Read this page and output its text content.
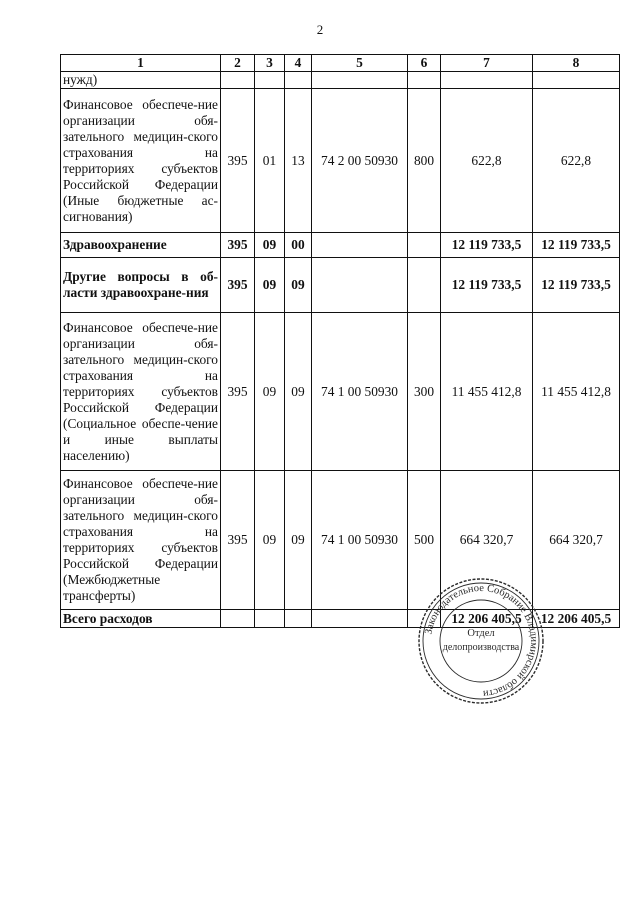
2
1	2	3	4	5	6	7	8
нужд)							
Финансовое обеспече-ние организации обя-зательного медицин-ского страхования на территориях субъектов Российской Федерации (Иные бюджетные ас-сигнования)	395	01	13	74 2 00 50930	800	622,8	622,8
Здравоохранение	395	09	00			12 119 733,5	12 119 733,5
Другие вопросы в об-ласти здравоохране-ния	395	09	09			12 119 733,5	12 119 733,5
Финансовое обеспече-ние организации обя-зательного медицин-ского страхования на территориях субъектов Российской Федерации (Социальное обеспе-чение и иные выплаты населению)	395	09	09	74 1 00 50930	300	11 455 412,8	11 455 412,8
Финансовое обеспече-ние организации обя-зательного медицин-ского страхования на территориях субъектов Российской Федерации (Межбюджетные трансферты)	395	09	09	74 1 00 50930	500	664 320,7	664 320,7
Всего расходов						12 206 405,5	12 206 405,5
Законодательное Собрание Владимирской области
Отдел
делопроизводства
